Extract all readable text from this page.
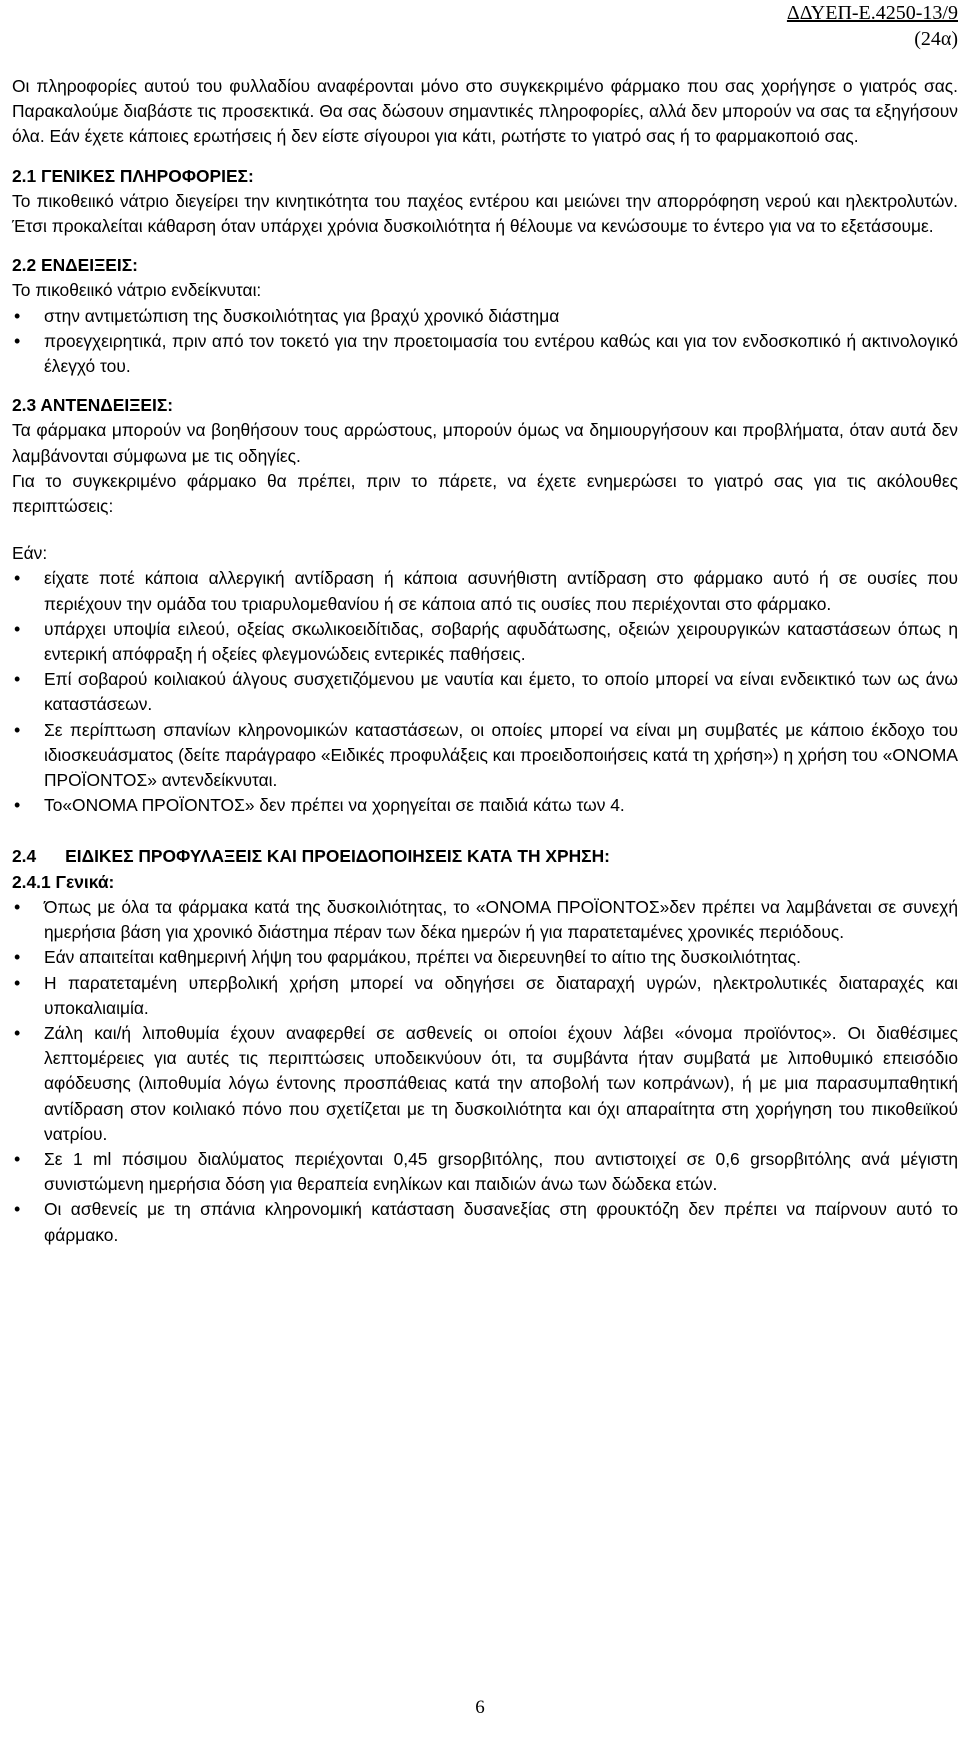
ΔΔΥΕΠ-Ε.4250-13/9
(24α)

Οι πληροφορίες αυτού του φυλλαδίου αναφέρονται μόνο στο συγκεκριμένο φάρμακο που σας χορήγησε ο γιατρός σας. Παρακαλούμε διαβάστε τις προσεκτικά. Θα σας δώσουν σημαντικές πληροφορίες, αλλά δεν μπορούν να σας τα εξηγήσουν όλα. Εάν έχετε κάποιες ερωτήσεις ή δεν είστε σίγουροι για κάτι, ρωτήστε το γιατρό σας ή το φαρμακοποιό σας.

2.1 ΓΕΝΙΚΕΣ ΠΛΗΡΟΦΟΡΙΕΣ:

Το πικοθειικό νάτριο διεγείρει την κινητικότητα του παχέος εντέρου και μειώνει την απορρόφηση νερού και ηλεκτρολυτών. Έτσι προκαλείται κάθαρση όταν υπάρχει χρόνια δυσκοιλιότητα ή θέλουμε να κενώσουμε το έντερο για να το εξετάσουμε.

2.2 ΕΝΔΕΙΞΕΙΣ:

Το πικοθειικό νάτριο ενδείκνυται:

• στην αντιμετώπιση της δυσκοιλιότητας για βραχύ χρονικό διάστημα
• προεγχειρητικά, πριν από τον τοκετό για την προετοιμασία του εντέρου καθώς και για τον ενδοσκοπικό ή ακτινολογικό έλεγχό του.
2.3 ΑΝΤΕΝΔΕΙΞΕΙΣ:

Τα φάρμακα μπορούν να βοηθήσουν τους αρρώστους, μπορούν όμως να δημιουργήσουν και προβλήματα, όταν αυτά δεν λαμβάνονται σύμφωνα με τις οδηγίες.

Για το συγκεκριμένο φάρμακο θα πρέπει, πριν το πάρετε, να έχετε ενημερώσει το γιατρό σας για τις ακόλουθες περιπτώσεις:

Εάν:

• είχατε ποτέ κάποια αλλεργική αντίδραση ή κάποια ασυνήθιστη αντίδραση στο φάρμακο αυτό ή σε ουσίες που περιέχουν την ομάδα του τριαρυλομεθανίου ή σε κάποια από τις ουσίες που περιέχονται στο φάρμακο.
• υπάρχει υποψία ειλεού, οξείας σκωλικοειδίτιδας, σοβαρής αφυδάτωσης, οξειών χειρουργικών καταστάσεων όπως η εντερική απόφραξη ή οξείες φλεγμονώδεις εντερικές παθήσεις.
• Επί σοβαρού κοιλιακού άλγους συσχετιζόμενου με ναυτία και έμετο, το οποίο μπορεί να είναι ενδεικτικό των ως άνω καταστάσεων.
• Σε περίπτωση σπανίων κληρονομικών καταστάσεων, οι οποίες μπορεί να είναι μη συμβατές με κάποιο έκδοχο του ιδιοσκευάσματος (δείτε παράγραφο «Ειδικές προφυλάξεις και προειδοποιήσεις κατά τη χρήση») η χρήση του «ΟΝΟΜΑ ΠΡΟΪΟΝΤΟΣ» αντενδείκνυται.
• Το«ΟΝΟΜΑ ΠΡΟΪΟΝΤΟΣ» δεν πρέπει να χορηγείται σε παιδιά κάτω των 4.
2.4      ΕΙΔΙΚΕΣ ΠΡΟΦΥΛΑΞΕΙΣ ΚΑΙ ΠΡΟΕΙΔΟΠΟΙΗΣΕΙΣ ΚΑΤΑ ΤΗ ΧΡΗΣΗ:
2.4.1 Γενικά:
• Όπως με όλα τα φάρμακα κατά της δυσκοιλιότητας, το «ΟΝΟΜΑ ΠΡΟΪΟΝΤΟΣ»δεν πρέπει να λαμβάνεται σε συνεχή ημερήσια βάση για χρονικό διάστημα πέραν των δέκα ημερών ή για παρατεταμένες χρονικές περιόδους.
• Εάν απαιτείται καθημερινή λήψη του φαρμάκου, πρέπει να διερευνηθεί το αίτιο της δυσκοιλιότητας.
• Η παρατεταμένη υπερβολική χρήση μπορεί να οδηγήσει σε διαταραχή υγρών, ηλεκτρολυτικές διαταραχές και υποκαλιαιμία.
• Ζάλη και/ή λιποθυμία έχουν αναφερθεί σε ασθενείς οι οποίοι έχουν λάβει «όνομα προϊόντος». Οι διαθέσιμες λεπτομέρειες για αυτές τις περιπτώσεις υποδεικνύουν ότι, τα συμβάντα ήταν συμβατά με λιποθυμικό επεισόδιο αφόδευσης (λιποθυμία λόγω έντονης προσπάθειας κατά την αποβολή των κοπράνων), ή με μια παρασυμπαθητική αντίδραση στον κοιλιακό πόνο που σχετίζεται με τη δυσκοιλιότητα και όχι απαραίτητα στη χορήγηση του πικοθειϊκού νατρίου.
• Σε 1 ml πόσιμου διαλύματος περιέχονται 0,45 grsορβιτόλης, που αντιστοιχεί σε 0,6 grsορβιτόλης ανά μέγιστη συνιστώμενη ημερήσια δόση για θεραπεία ενηλίκων και παιδιών άνω των δώδεκα ετών.
• Οι ασθενείς με τη σπάνια κληρονομική κατάσταση δυσανεξίας στη φρουκτόζη δεν πρέπει να παίρνουν αυτό το φάρμακο.
6
